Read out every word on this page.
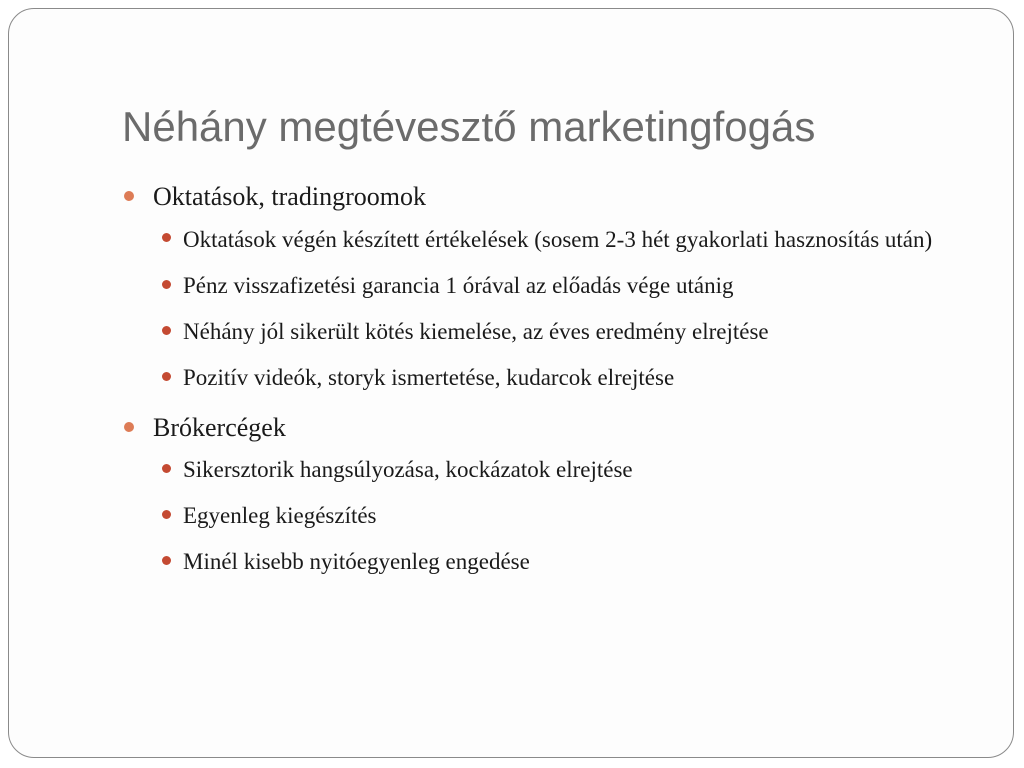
Néhány megtévesztő marketingfogás
Oktatások, tradingroomok
Oktatások végén készített értékelések (sosem 2-3 hét gyakorlati hasznosítás után)
Pénz visszafizetési garancia 1 órával az előadás vége utánig
Néhány jól sikerült kötés kiemelése, az éves eredmény elrejtése
Pozitív videók, storyk ismertetése, kudarcok elrejtése
Brókercégek
Sikersztorik hangsúlyozása, kockázatok elrejtése
Egyenleg kiegészítés
Minél kisebb nyitóegyenleg engedése
